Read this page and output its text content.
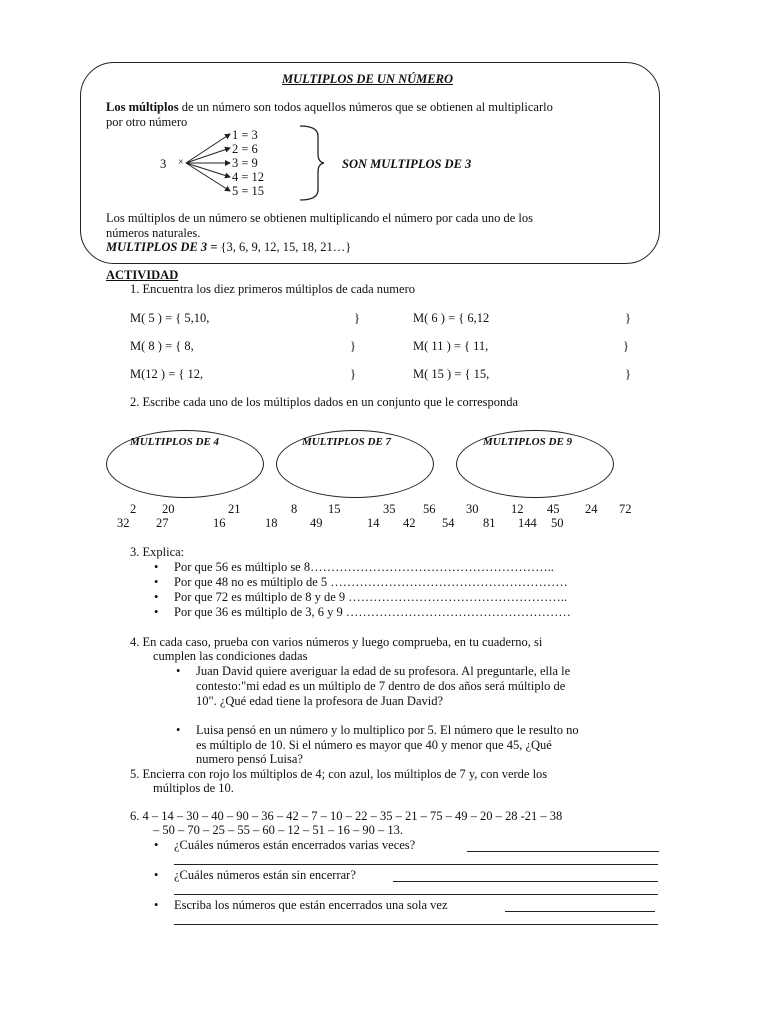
MULTIPLOS DE UN NÚMERO
Los múltiplos de un número son todos aquellos números que se obtienen al multiplicarlo
por otro número
3 ×
1 = 3
2 = 6
3 = 9
4 = 12
5 = 15
SON MULTIPLOS DE 3
Los múltiplos de un número se obtienen multiplicando el número por cada uno de los
números naturales.
MULTIPLOS DE 3 = {3, 6, 9, 12, 15, 18, 21…}
ACTIVIDAD
1. Encuentra los diez primeros múltiplos de cada numero
M( 5 ) = { 5,10,	}	M( 6 ) = { 6,12	}
M( 8 ) = { 8,	}	M( 11 ) = { 11,	}
M(12 ) = { 12,	}	M( 15 ) = { 15,	}
2. Escribe cada uno de los múltiplos dados en un conjunto que le corresponda
MULTIPLOS DE 4	MULTIPLOS DE 7	MULTIPLOS DE 9
2 20	21	8 15	35 56 30	12 45 24 72
32 27	16	18	49	14 42 54 81 144 50
3. Explica:
• Por que 56 es múltiplo se 8…………………………………………………..
• Por que 48 no es múltiplo de 5 …………………………………………………
• Por que 72 es múltiplo de 8 y de 9 ……………………………………………..
• Por que 36 es múltiplo de 3, 6 y 9 ………………………………………………
4. En cada caso, prueba con varios números y luego comprueba, en tu cuaderno, si
cumplen las condiciones dadas
• Juan David quiere averiguar la edad de su profesora. Al preguntarle, ella le
contesto:"mi edad es un múltiplo de 7 dentro de dos años será múltiplo de
10". ¿Qué edad tiene la profesora de Juan David?
• Luisa pensó en un número y lo multiplico por 5. El número que le resulto no
es múltiplo de 10. Si el número es mayor que 40 y menor que 45, ¿Qué
numero pensó Luisa?
5. Encierra con rojo los múltiplos de 4; con azul, los múltiplos de 7 y, con verde los
múltiplos de 10.
6. 4 – 14 – 30 – 40 – 90 – 36 – 42 – 7 – 10 – 22 – 35 – 21 – 75 – 49 – 20 – 28 -21 – 38
– 50 – 70 – 25 – 55 – 60 – 12 – 51 – 16 – 90 – 13.
• ¿Cuáles números están encerrados varias veces?
• ¿Cuáles números están sin encerrar?
• Escriba los números que están encerrados una sola vez
